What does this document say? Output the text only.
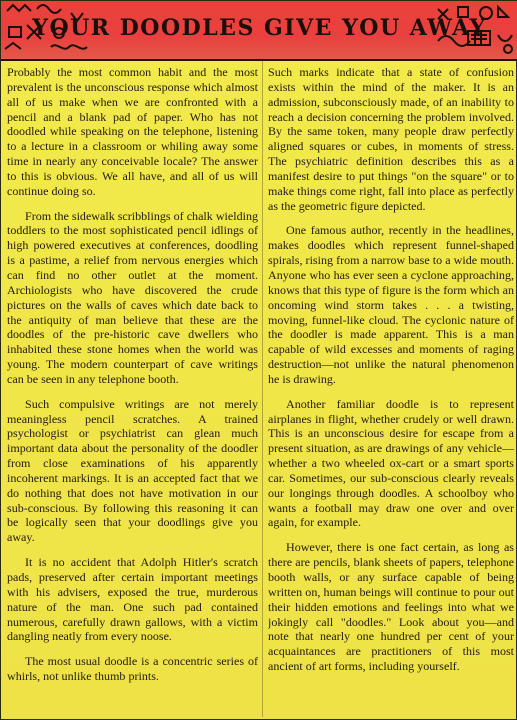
YOUR DOODLES GIVE YOU AWAY

Probably the most common habit and the most prevalent is the unconscious response which almost all of us make when we are confronted with a pencil and a blank pad of paper. Who has not doodled while speaking on the telephone, listening to a lecture in a classroom or whiling away some time in nearly any conceivable locale? The answer to this is obvious. We all have, and all of us will continue doing so.

From the sidewalk scribblings of chalk wielding toddlers to the most sophisticated pencil idlings of high powered executives at conferences, doodling is a pastime, a relief from nervous energies which can find no other outlet at the moment. Archiologists who have discovered the crude pictures on the walls of caves which date back to the antiquity of man believe that these are the doodles of the pre-historic cave dwellers who inhabited these stone homes when the world was young. The modern counterpart of cave writings can be seen in any telephone booth.

Such compulsive writings are not merely meaningless pencil scratches. A trained psychologist or psychiatrist can glean much important data about the personality of the doodler from close examinations of his apparently incoherent markings. It is an accepted fact that we do nothing that does not have motivation in our sub-conscious. By following this reasoning it can be logically seen that your doodlings give you away.

It is no accident that Adolph Hitler's scratch pads, preserved after certain important meetings with his advisers, exposed the true, murderous nature of the man. One such pad contained numerous, carefully drawn gallows, with a victim dangling neatly from every noose.

The most usual doodle is a concentric series of whirls, not unlike thumb prints.

Such marks indicate that a state of confusion exists within the mind of the maker. It is an admission, subconsciously made, of an inability to reach a decision concerning the problem involved. By the same token, many people draw perfectly aligned squares or cubes, in moments of stress. The psychiatric definition describes this as a manifest desire to put things "on the square" or to make things come right, fall into place as perfectly as the geometric figure depicted.

One famous author, recently in the headlines, makes doodles which represent funnel-shaped spirals, rising from a narrow base to a wide mouth. Anyone who has ever seen a cyclone approaching, knows that this type of figure is the form which an oncoming wind storm takes . . . a twisting, moving, funnel-like cloud. The cyclonic nature of the doodler is made apparent. This is a man capable of wild excesses and moments of raging destruction—not unlike the natural phenomenon he is drawing.

Another familiar doodle is to represent airplanes in flight, whether crudely or well drawn. This is an unconscious desire for escape from a present situation, as are drawings of any vehicle—whether a two wheeled ox-cart or a smart sports car. Sometimes, our sub-conscious clearly reveals our longings through doodles. A schoolboy who wants a football may draw one over and over again, for example.

However, there is one fact certain, as long as there are pencils, blank sheets of papers, telephone booth walls, or any surface capable of being written on, human beings will continue to pour out their hidden emotions and feelings into what we jokingly call "doodles." Look about you—and note that nearly one hundred per cent of your acquaintances are practitioners of this most ancient of art forms, including yourself.
